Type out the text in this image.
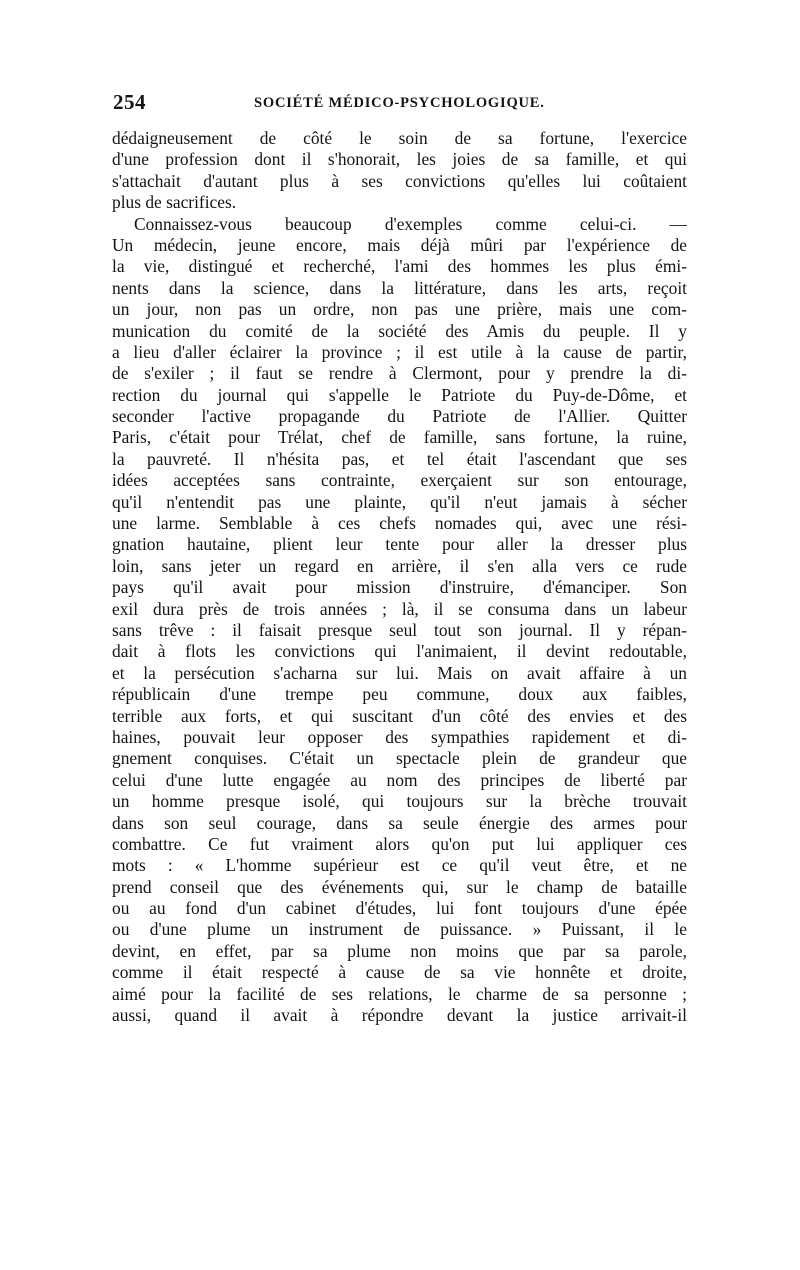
254	SOCIÉTÉ MÉDICO-PSYCHOLOGIQUE.
dédaigneusement de côté le soin de sa fortune, l'exercice
d'une profession dont il s'honorait, les joies de sa famille, et qui
s'attachait d'autant plus à ses convictions qu'elles lui coûtaient
plus de sacrifices.
Connaissez-vous beaucoup d'exemples comme celui-ci. —
Un médecin, jeune encore, mais déjà mûri par l'expérience de
la vie, distingué et recherché, l'ami des hommes les plus émi-
nents dans la science, dans la littérature, dans les arts, reçoit
un jour, non pas un ordre, non pas une prière, mais une com-
munication du comité de la société des Amis du peuple. Il y
a lieu d'aller éclairer la province ; il est utile à la cause de partir,
de s'exiler ; il faut se rendre à Clermont, pour y prendre la di-
rection du journal qui s'appelle le Patriote du Puy-de-Dôme, et
seconder l'active propagande du Patriote de l'Allier. Quitter
Paris, c'était pour Trélat, chef de famille, sans fortune, la ruine,
la pauvreté. Il n'hésita pas, et tel était l'ascendant que ses
idées acceptées sans contrainte, exerçaient sur son entourage,
qu'il n'entendit pas une plainte, qu'il n'eut jamais à sécher
une larme. Semblable à ces chefs nomades qui, avec une rési-
gnation hautaine, plient leur tente pour aller la dresser plus
loin, sans jeter un regard en arrière, il s'en alla vers ce rude
pays qu'il avait pour mission d'instruire, d'émanciper. Son
exil dura près de trois années ; là, il se consuma dans un labeur
sans trêve : il faisait presque seul tout son journal. Il y répan-
dait à flots les convictions qui l'animaient, il devint redoutable,
et la persécution s'acharna sur lui. Mais on avait affaire à un
républicain d'une trempe peu commune, doux aux faibles,
terrible aux forts, et qui suscitant d'un côté des envies et des
haines, pouvait leur opposer des sympathies rapidement et di-
gnement conquises. C'était un spectacle plein de grandeur que
celui d'une lutte engagée au nom des principes de liberté par
un homme presque isolé, qui toujours sur la brèche trouvait
dans son seul courage, dans sa seule énergie des armes pour
combattre. Ce fut vraiment alors qu'on put lui appliquer ces
mots : « L'homme supérieur est ce qu'il veut être, et ne
prend conseil que des événements qui, sur le champ de bataille
ou au fond d'un cabinet d'études, lui font toujours d'une épée
ou d'une plume un instrument de puissance. » Puissant, il le
devint, en effet, par sa plume non moins que par sa parole,
comme il était respecté à cause de sa vie honnête et droite,
aimé pour la facilité de ses relations, le charme de sa personne ;
aussi, quand il avait à répondre devant la justice arrivait-il
